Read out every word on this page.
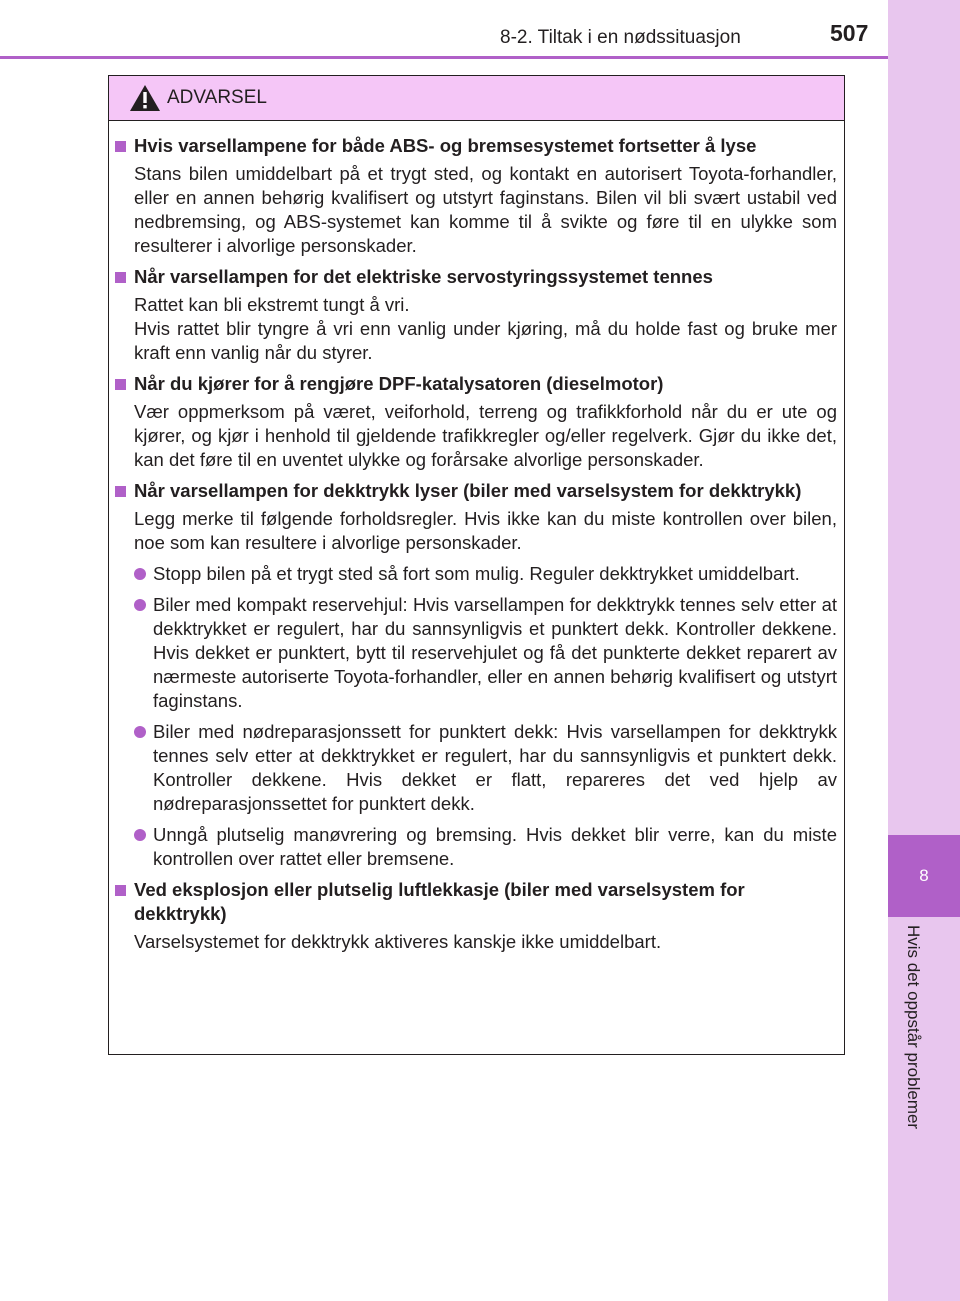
8
Hvis det oppstår problemer
8-2. Tiltak i en nødssituasjon	507
ADVARSEL
Hvis varsellampene for både ABS- og bremsesystemet fortsetter å lyse
Stans bilen umiddelbart på et trygt sted, og kontakt en autorisert Toyota-forhandler, eller en annen behørig kvalifisert og utstyrt faginstans. Bilen vil bli svært ustabil ved nedbremsing, og ABS-systemet kan komme til å svikte og føre til en ulykke som resulterer i alvorlige personskader.
Når varsellampen for det elektriske servostyringssystemet tennes
Rattet kan bli ekstremt tungt å vri.
Hvis rattet blir tyngre å vri enn vanlig under kjøring, må du holde fast og bruke mer kraft enn vanlig når du styrer.
Når du kjører for å rengjøre DPF-katalysatoren (dieselmotor)
Vær oppmerksom på været, veiforhold, terreng og trafikkforhold når du er ute og kjører, og kjør i henhold til gjeldende trafikkregler og/eller regelverk. Gjør du ikke det, kan det føre til en uventet ulykke og forårsake alvorlige personskader.
Når varsellampen for dekktrykk lyser (biler med varselsystem for dekktrykk)
Legg merke til følgende forholdsregler. Hvis ikke kan du miste kontrollen over bilen, noe som kan resultere i alvorlige personskader.
Stopp bilen på et trygt sted så fort som mulig. Reguler dekktrykket umiddelbart.
Biler med kompakt reservehjul: Hvis varsellampen for dekktrykk tennes selv etter at dekktrykket er regulert, har du sannsynligvis et punktert dekk. Kontroller dekkene. Hvis dekket er punktert, bytt til reservehjulet og få det punkterte dekket reparert av nærmeste autoriserte Toyota-forhandler, eller en annen behørig kvalifisert og utstyrt faginstans.
Biler med nødreparasjonssett for punktert dekk: Hvis varsellampen for dekktrykk tennes selv etter at dekktrykket er regulert, har du sannsynligvis et punktert dekk. Kontroller dekkene. Hvis dekket er flatt, repareres det ved hjelp av nødreparasjonssettet for punktert dekk.
Unngå plutselig manøvrering og bremsing. Hvis dekket blir verre, kan du miste kontrollen over rattet eller bremsene.
Ved eksplosjon eller plutselig luftlekkasje (biler med varselsystem for dekktrykk)
Varselsystemet for dekktrykk aktiveres kanskje ikke umiddelbart.
